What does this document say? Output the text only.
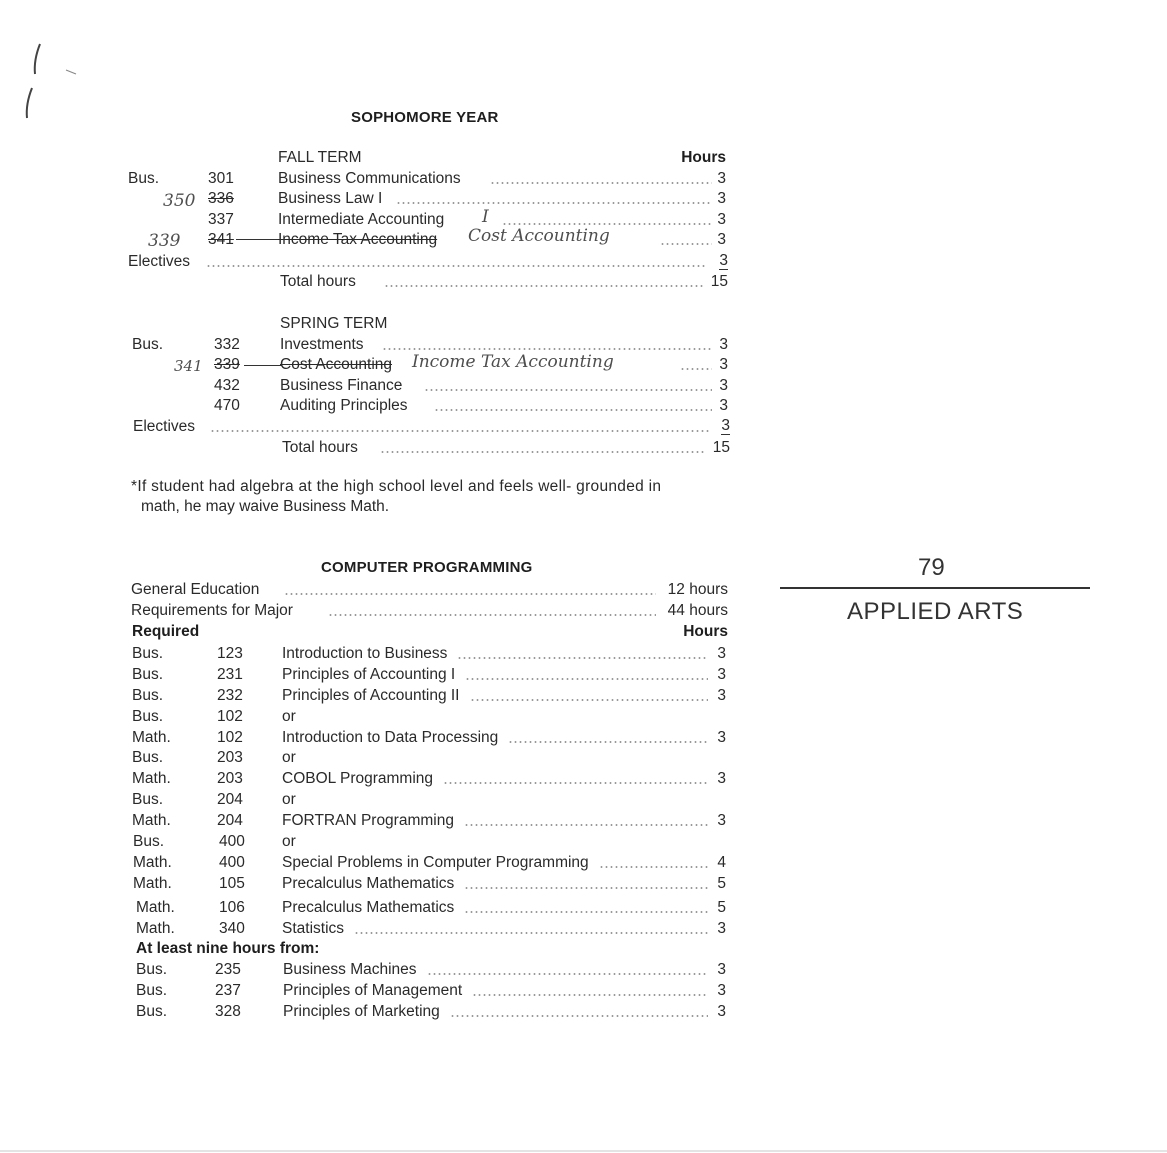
SOPHOMORE YEAR
FALL TERM	Hours
Bus.	301	Business Communications	3
350 336	Business Law I	3
337	Intermediate Accounting I	3
339 341	Income Tax Accounting Cost Accounting	3
Electives	3
Total hours	15
SPRING TERM
Bus.	332	Investments	3
341 339	Cost Accounting Income Tax Accounting	3
432	Business Finance	3
470	Auditing Principles	3
Electives	3
Total hours	15
*If student had algebra at the high school level and feels well- grounded in
math, he may waive Business Math.
COMPUTER PROGRAMMING
General Education	12 hours
Requirements for Major	44 hours
Required	Hours
Bus.	123	Introduction to Business	3
Bus.	231	Principles of Accounting I	3
Bus.	232	Principles of Accounting II	3
Bus.	102	or
Math.	102	Introduction to Data Processing	3
Bus.	203	or
Math.	203	COBOL Programming	3
Bus.	204	or
Math.	204	FORTRAN Programming	3
Bus.	400 or
Math.	400 Special Problems in Computer Programming	4
Math.	105 Precalculus Mathematics	5
Math.	106 Precalculus Mathematics	5
Math.	340 Statistics	3
At least nine hours from:
Bus.	235	Business Machines	3
Bus.	237	Principles of Management	3
Bus.	328	Principles of Marketing	3
79
APPLIED ARTS
